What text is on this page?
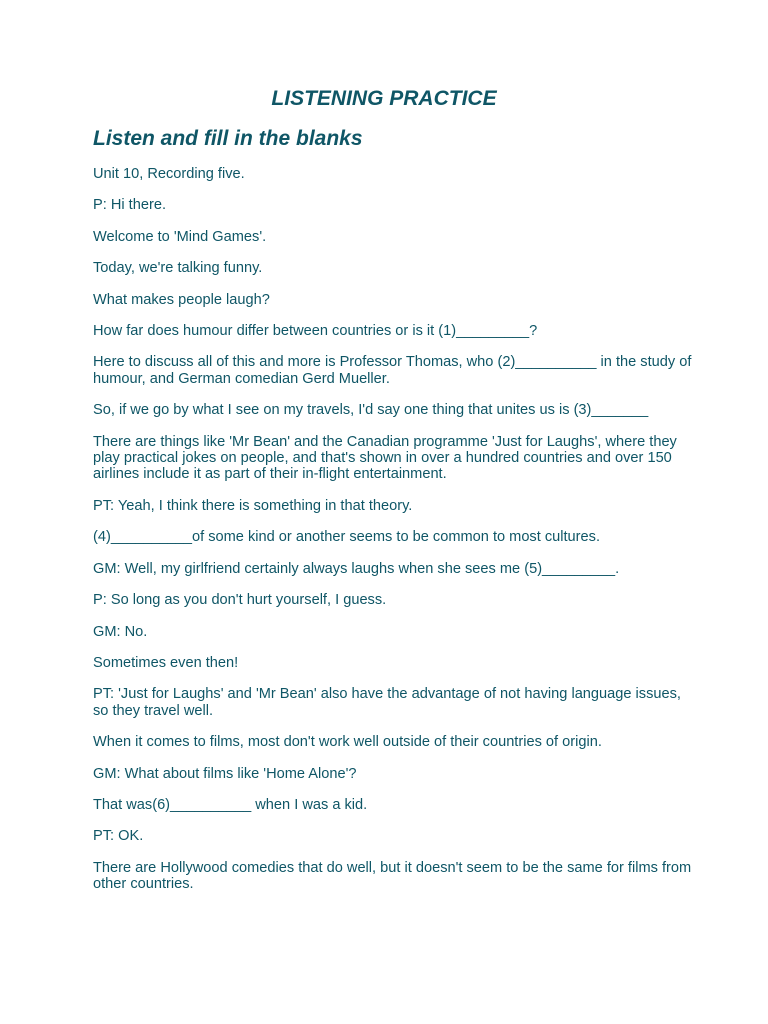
LISTENING PRACTICE
Listen and fill in the blanks

Unit 10, Recording five.

P: Hi there.

Welcome to 'Mind Games'.

Today, we're talking funny.

What makes people laugh?

How far does humour differ between countries or is it (1)_________?

Here to discuss all of this and more is Professor Thomas, who (2)__________ in the study of humour, and German comedian Gerd Mueller.

So, if we go by what I see on my travels, I'd say one thing that unites us is (3)_______

There are things like 'Mr Bean' and the Canadian programme 'Just for Laughs', where they play practical jokes on people, and that's shown in over a hundred countries and over 150 airlines include it as part of their in-flight entertainment.

PT: Yeah, I think there is something in that theory.

(4)__________of some kind or another seems to be common to most cultures.

GM: Well, my girlfriend certainly always laughs when she sees me (5)_________.

P: So long as you don't hurt yourself, I guess.

GM: No.

Sometimes even then!

PT: 'Just for Laughs' and 'Mr Bean' also have the advantage of not having language issues, so they travel well.

When it comes to films, most don't work well outside of their countries of origin.

GM: What about films like 'Home Alone'?

That was(6)__________ when I was a kid.

PT: OK.

There are Hollywood comedies that do well, but it doesn't seem to be the same for films from other countries.
